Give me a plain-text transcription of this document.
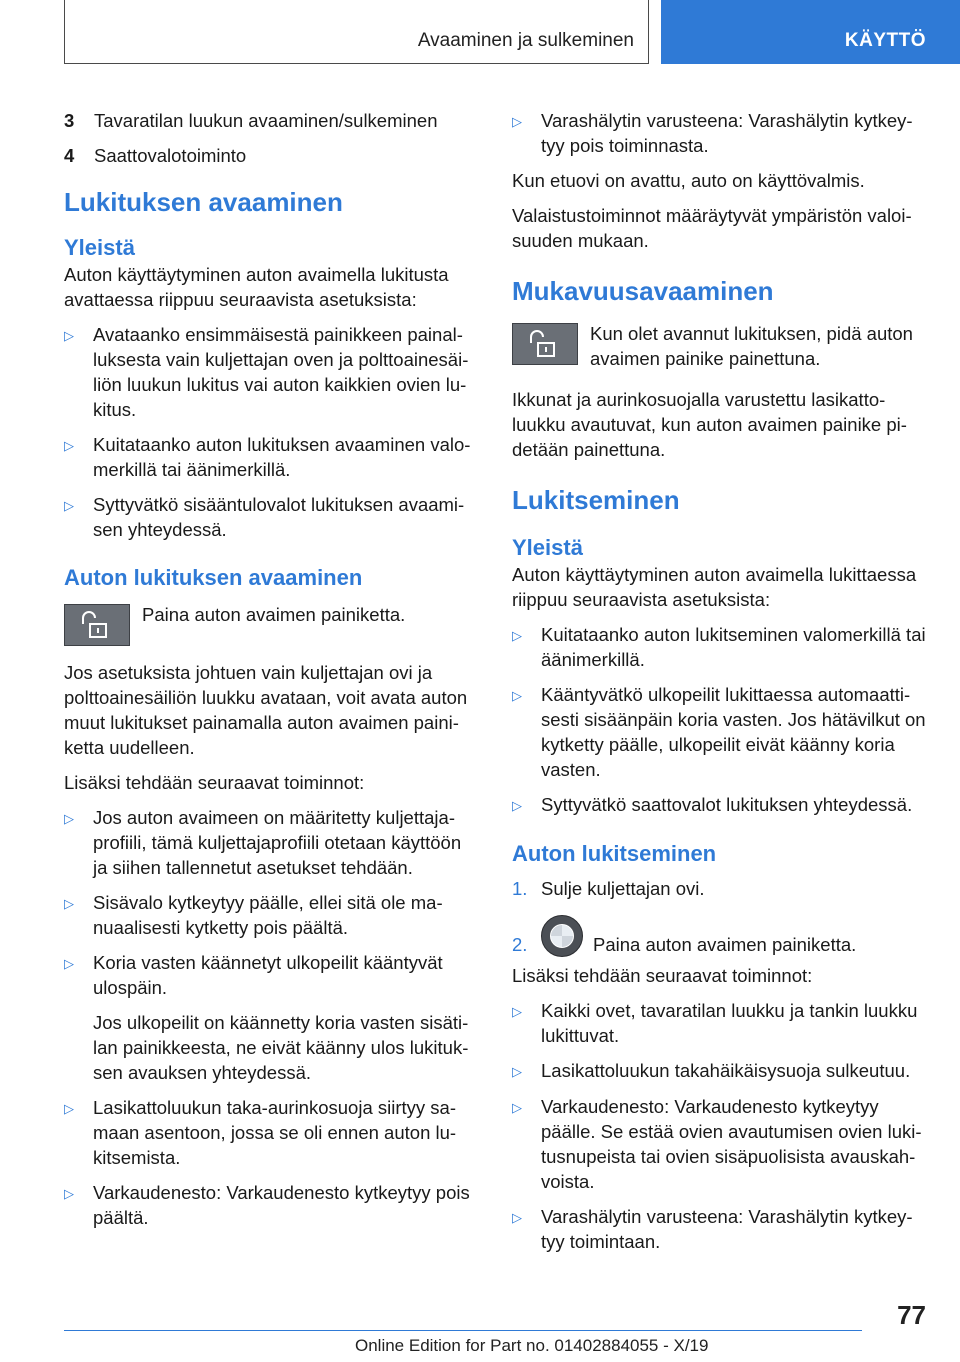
Avaaminen ja sulkeminen	KÄYTTÖ
3	Tavaratilan luukun avaaminen/sulkeminen
4	Saattovalotoiminto

Lukituksen avaaminen

Yleistä

Auton käyttäytyminen auton avaimella lukitusta avattaessa riippuu seuraavista asetuksista:

▷	Avataanko ensimmäisestä painikkeen painalluksesta vain kuljettajan oven ja polttoainesäiliön luukun lukitus vai auton kaikkien ovien lukitus.
▷	Kuitataanko auton lukituksen avaaminen valomerkillä tai äänimerkillä.
▷	Syttyvätkö sisääntulovalot lukituksen avaamisen yhteydessä.

Auton lukituksen avaaminen

Paina auton avaimen painiketta.

Jos asetuksista johtuen vain kuljettajan ovi ja polttoainesäiliön luukku avataan, voit avata auton muut lukitukset painamalla auton avaimen painiketta uudelleen.

Lisäksi tehdään seuraavat toiminnot:

▷	Jos auton avaimeen on määritetty kuljettajaprofiili, tämä kuljettajaprofiili otetaan käyttöön ja siihen tallennetut asetukset tehdään.
▷	Sisävalo kytkeytyy päälle, ellei sitä ole manuaalisesti kytketty pois päältä.
▷	Koria vasten käännetyt ulkopeilit kääntyvät ulospäin.

Jos ulkopeilit on käännetty koria vasten sisätilan painikkeesta, ne eivät käänny ulos lukituksen avauksen yhteydessä.

▷	Lasikattoluukun taka-aurinkosuoja siirtyy samaan asentoon, jossa se oli ennen auton lukitsemista.
▷	Varkaudenesto: Varkaudenesto kytkeytyy pois päältä.
▷	Varashälytin varusteena: Varashälytin kytkeytyy pois toiminnasta.

Kun etuovi on avattu, auto on käyttövalmis.

Valaistustoiminnot määräytyvät ympäristön valoisuuden mukaan.

Mukavuusavaaminen

Kun olet avannut lukituksen, pidä auton avaimen painike painettuna.

Ikkunat ja aurinkosuojalla varustettu lasikattoluukku avautuvat, kun auton avaimen painike pidetään painettuna.

Lukitseminen

Yleistä

Auton käyttäytyminen auton avaimella lukittaessa riippuu seuraavista asetuksista:

▷	Kuitataanko auton lukitseminen valomerkillä tai äänimerkillä.
▷	Kääntyvätkö ulkopeilit lukittaessa automaattisesti sisäänpäin koria vasten. Jos hätävilkut on kytketty päälle, ulkopeilit eivät käänny koria vasten.
▷	Syttyvätkö saattovalot lukituksen yhteydessä.

Auton lukitseminen

1. Sulje kuljettajan ovi.
2.	Paina auton avaimen painiketta.

Lisäksi tehdään seuraavat toiminnot:

▷	Kaikki ovet, tavaratilan luukku ja tankin luukku lukittuvat.
▷	Lasikattoluukun takahäikäisysuoja sulkeutuu.
▷	Varkaudenesto: Varkaudenesto kytkeytyy päälle. Se estää ovien avautumisen ovien lukitusnupeista tai ovien sisäpuolisista avauskahvoista.
▷	Varashälytin varusteena: Varashälytin kytkeytyy toimintaan.
77
Online Edition for Part no. 01402884055 - X/19
